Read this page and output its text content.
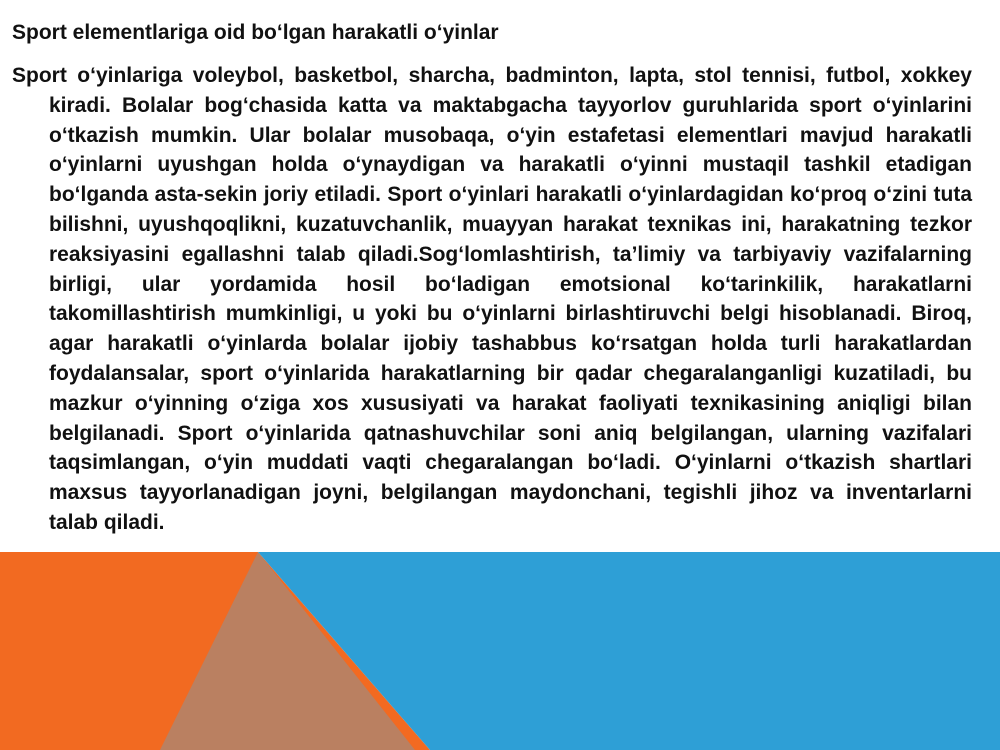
Sport elementlariga oid bo‘lgan harakatli o‘yinlar

Sport o‘yinlariga voleybol, basketbol, sharcha, badminton, lapta, stol tennisi, futbol, xokkey kiradi. Bolalar bog‘chasida katta va maktabgacha tayyorlov guruhlarida sport o‘yinlarini o‘tkazish mumkin. Ular bolalar musobaqa, o‘yin estafetasi elementlari mavjud harakatli o‘yinlarni uyushgan holda o‘ynaydigan va harakatli o‘yinni mustaqil tashkil etadigan bo‘lganda asta-sekin joriy etiladi. Sport o‘yinlari harakatli o‘yinlardagidan ko‘proq o‘zini tuta bilishni, uyushqoqlikni, kuzatuvchanlik, muayyan harakat texnikas ini, harakatning tezkor reaksiyasini egallashni talab qiladi.Sog‘lomlashtirish, ta’limiy va tarbiyaviy vazifalarning birligi, ular yordamida hosil bo‘ladigan emotsional ko‘tarinkilik, harakatlarni takomillashtirish mumkinligi, u yoki bu o‘yinlarni birlashtiruvchi belgi hisoblanadi. Biroq, agar harakatli o‘yinlarda bolalar ijobiy tashabbus ko‘rsatgan holda turli harakatlardan foydalansalar, sport o‘yinlarida harakatlarning bir qadar chegaralanganligi kuzatiladi, bu mazkur o‘yinning o‘ziga xos xususiyati va harakat faoliyati texnikasining aniqligi bilan belgilanadi. Sport o‘yinlarida qatnashuvchilar soni aniq belgilangan, ularning vazifalari taqsimlangan, o‘yin muddati vaqti chegaralangan bo‘ladi. O‘yinlarni o‘tkazish shartlari maxsus tayyorlanadigan joyni, belgilangan maydonchani, tegishli jihoz va inventarlarni talab qiladi.
